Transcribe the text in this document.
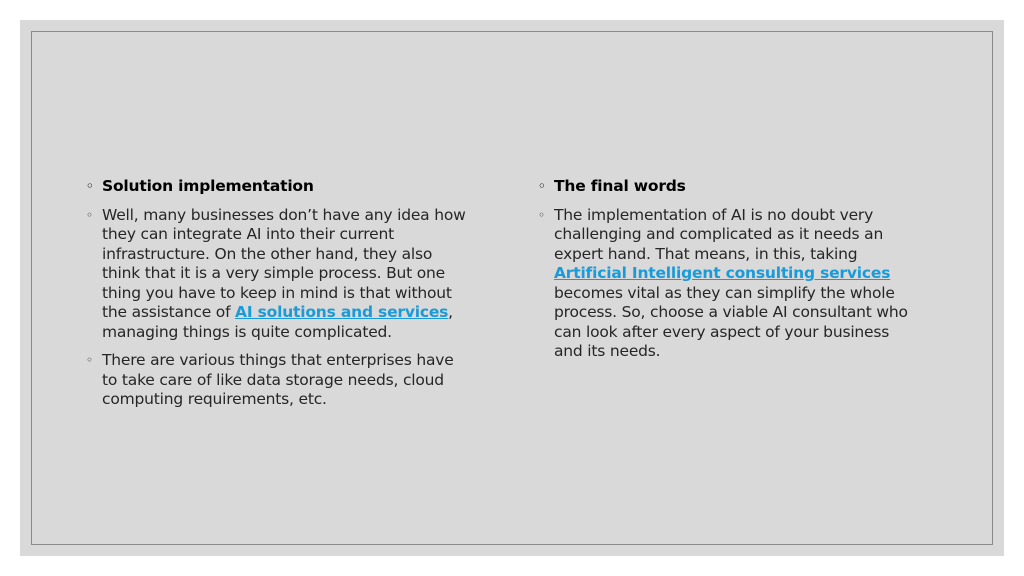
◦ Solution implementation
◦ Well, many businesses don’t have any idea how they can integrate AI into their current infrastructure. On the other hand, they also think that it is a very simple process. But one thing you have to keep in mind is that without the assistance of AI solutions and services, managing things is quite complicated.
◦ There are various things that enterprises have to take care of like data storage needs, cloud computing requirements, etc.
◦ The final words
◦ The implementation of AI is no doubt very challenging and complicated as it needs an expert hand. That means, in this, taking Artificial Intelligent consulting services becomes vital as they can simplify the whole process. So, choose a viable AI consultant who can look after every aspect of your business and its needs.
